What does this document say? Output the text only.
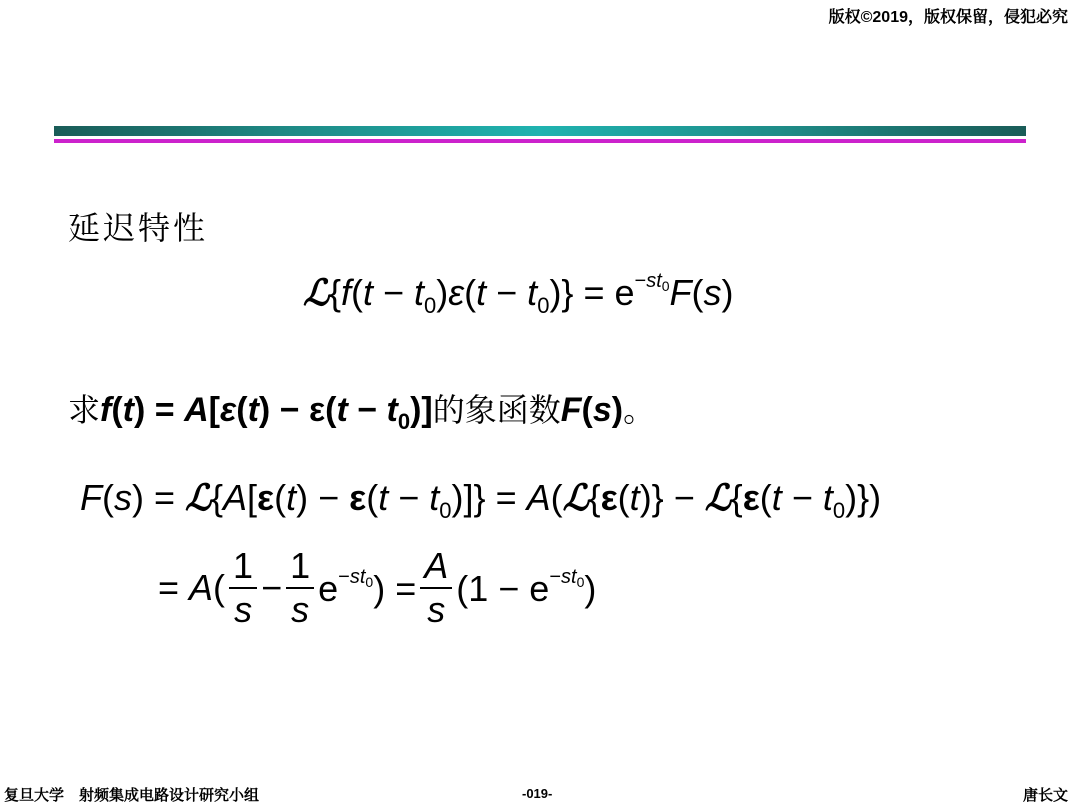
版权©2019，版权保留，侵犯必究
延迟特性
ℒ{f(t − $t_0)\varepsilon(t - t_0)\} = e^{-st_0}F(s)$
求$f(t) = A[\varepsilon(t) - \varepsilon(t - t_0)]$的象函数F(s)。
F(s) = ℒ{A[ε(t) − $\varepsilon(t - t_0)$]} = A(ℒ{ε(t)} − ℒ{ε(t − $t_0$)})
= $A( \frac{1}{s} - \frac{1}{s} e^{-st_0}) = \frac{A}{s} (1 - e^{-st_0})$
复旦大学　射频集成电路设计研究小组	-019-	唐长文
